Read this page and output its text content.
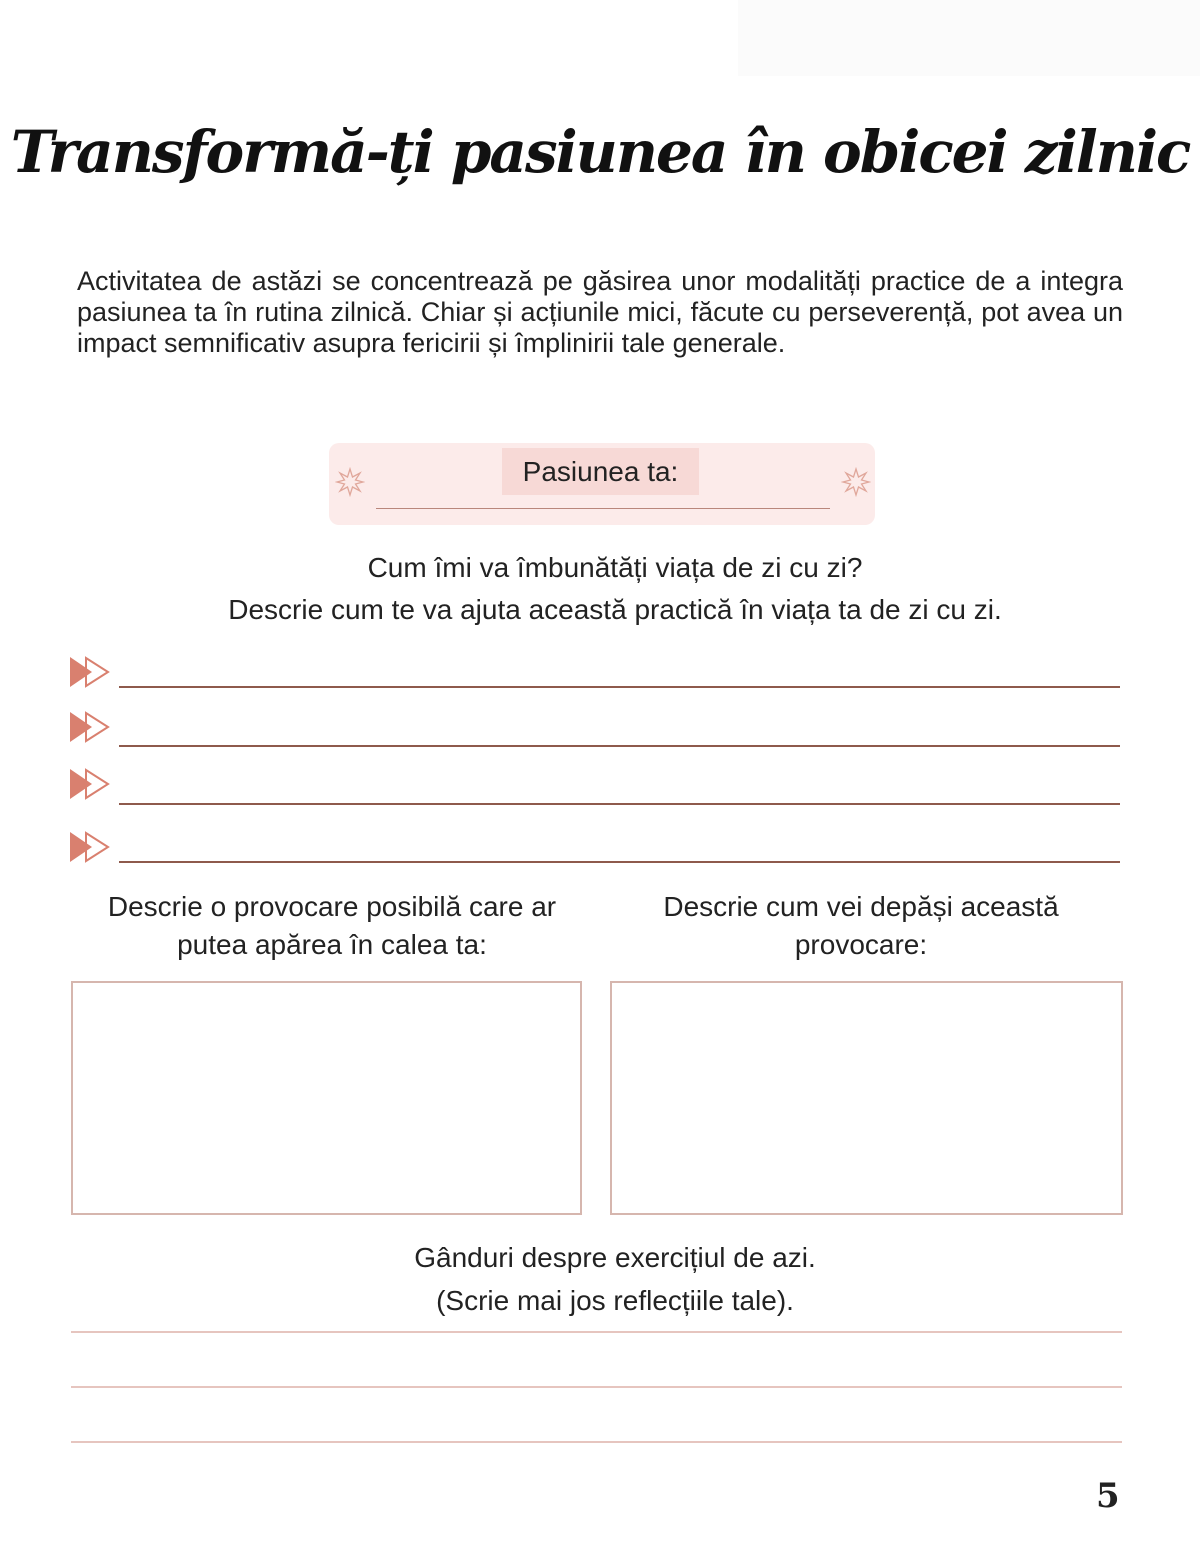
Transformă-ți pasiunea în obicei zilnic
Activitatea de astăzi se concentrează pe găsirea unor modalități practice de a integra pasiunea ta în rutina zilnică. Chiar și acțiunile mici, făcute cu perseverență, pot avea un impact semnificativ asupra fericirii și împlinirii tale generale.
Pasiunea ta:
Cum îmi va îmbunătăți viața de zi cu zi?
Descrie cum te va ajuta această practică în viața ta de zi cu zi.
Descrie o provocare posibilă care ar putea apărea în calea ta:
Descrie cum vei depăși această provocare:
Gânduri despre exercițiul de azi.
(Scrie mai jos reflecțiile tale).
5
